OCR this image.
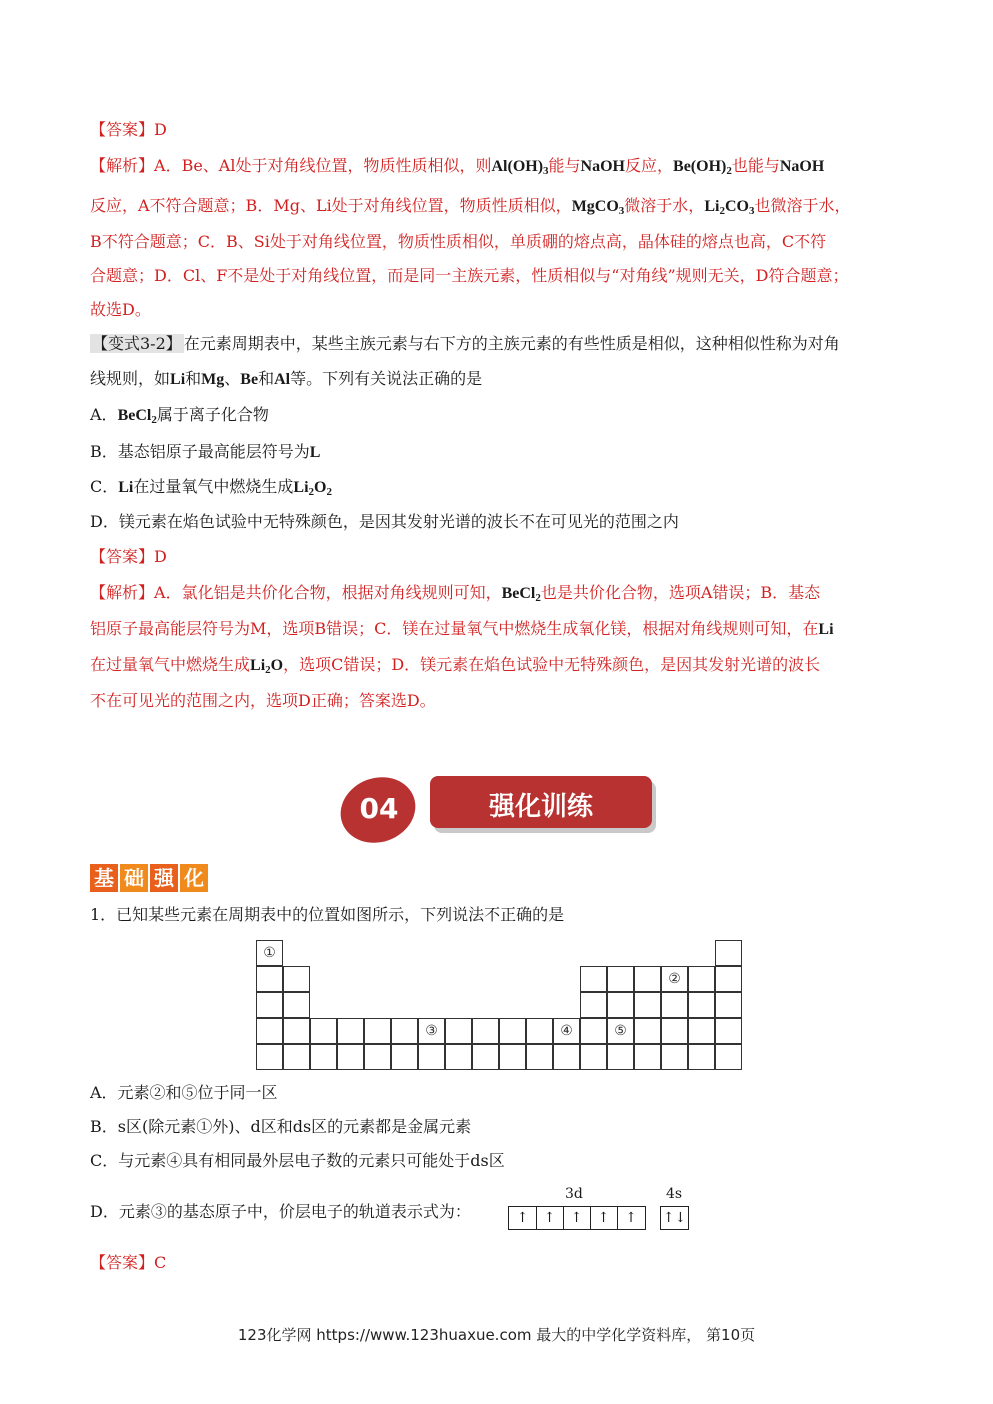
【答案】D
【解析】A．Be、Al处于对角线位置，物质性质相似，则$Al(OH)_3$能与NaOH反应，$Be(OH)_2$也能与NaOH
反应，A不符合题意；B．Mg、Li处于对角线位置，物质性质相似，MgCO$_3$微溶于水，$Li_2CO_3$也微溶于水，
B不符合题意；C．B、Si处于对角线位置，物质性质相似，单质硼的熔点高，晶体硅的熔点也高，C不符
合题意；D．Cl、F不是处于对角线位置，而是同一主族元素，性质相似与“对角线”规则无关，D符合题意；
故选D。
【变式3-2】 在元素周期表中，某些主族元素与右下方的主族元素的有些性质是相似，这种相似性称为对角
线规则，如Li和Mg、Be和Al等。下列有关说法正确的是
A．BeCl$_2$属于离子化合物
B．基态铝原子最高能层符号为L
C．Li在过量氧气中燃烧生成$Li_2O_2$
D．镁元素在焰色试验中无特殊颜色，是因其发射光谱的波长不在可见光的范围之内
【答案】D
【解析】A．氯化铝是共价化合物，根据对角线规则可知，BeCl$_2$也是共价化合物，选项A错误；B．基态
铝原子最高能层符号为M，选项B错误；C．镁在过量氧气中燃烧生成氧化镁，根据对角线规则可知，在Li
在过量氧气中燃烧生成$Li_2O$，选项C错误；D．镁元素在焰色试验中无特殊颜色，是因其发射光谱的波长
不在可见光的范围之内，选项D正确；答案选D。
04	强化训练
基 础 强 化
1．已知某些元素在周期表中的位置如图所示，下列说法不正确的是
①
②
③	④	⑤
A．元素②和⑤位于同一区
B．s区(除元素①外)、d区和ds区的元素都是金属元素
C．与元素④具有相同最外层电子数的元素只可能处于ds区
D．元素③的基态原子中，价层电子的轨道表示式为：
3d	4s
↑	↑	↑	↑	↑	↑↓
【答案】C
123化学网 https://www.123huaxue.com 最大的中学化学资料库， 第10页
